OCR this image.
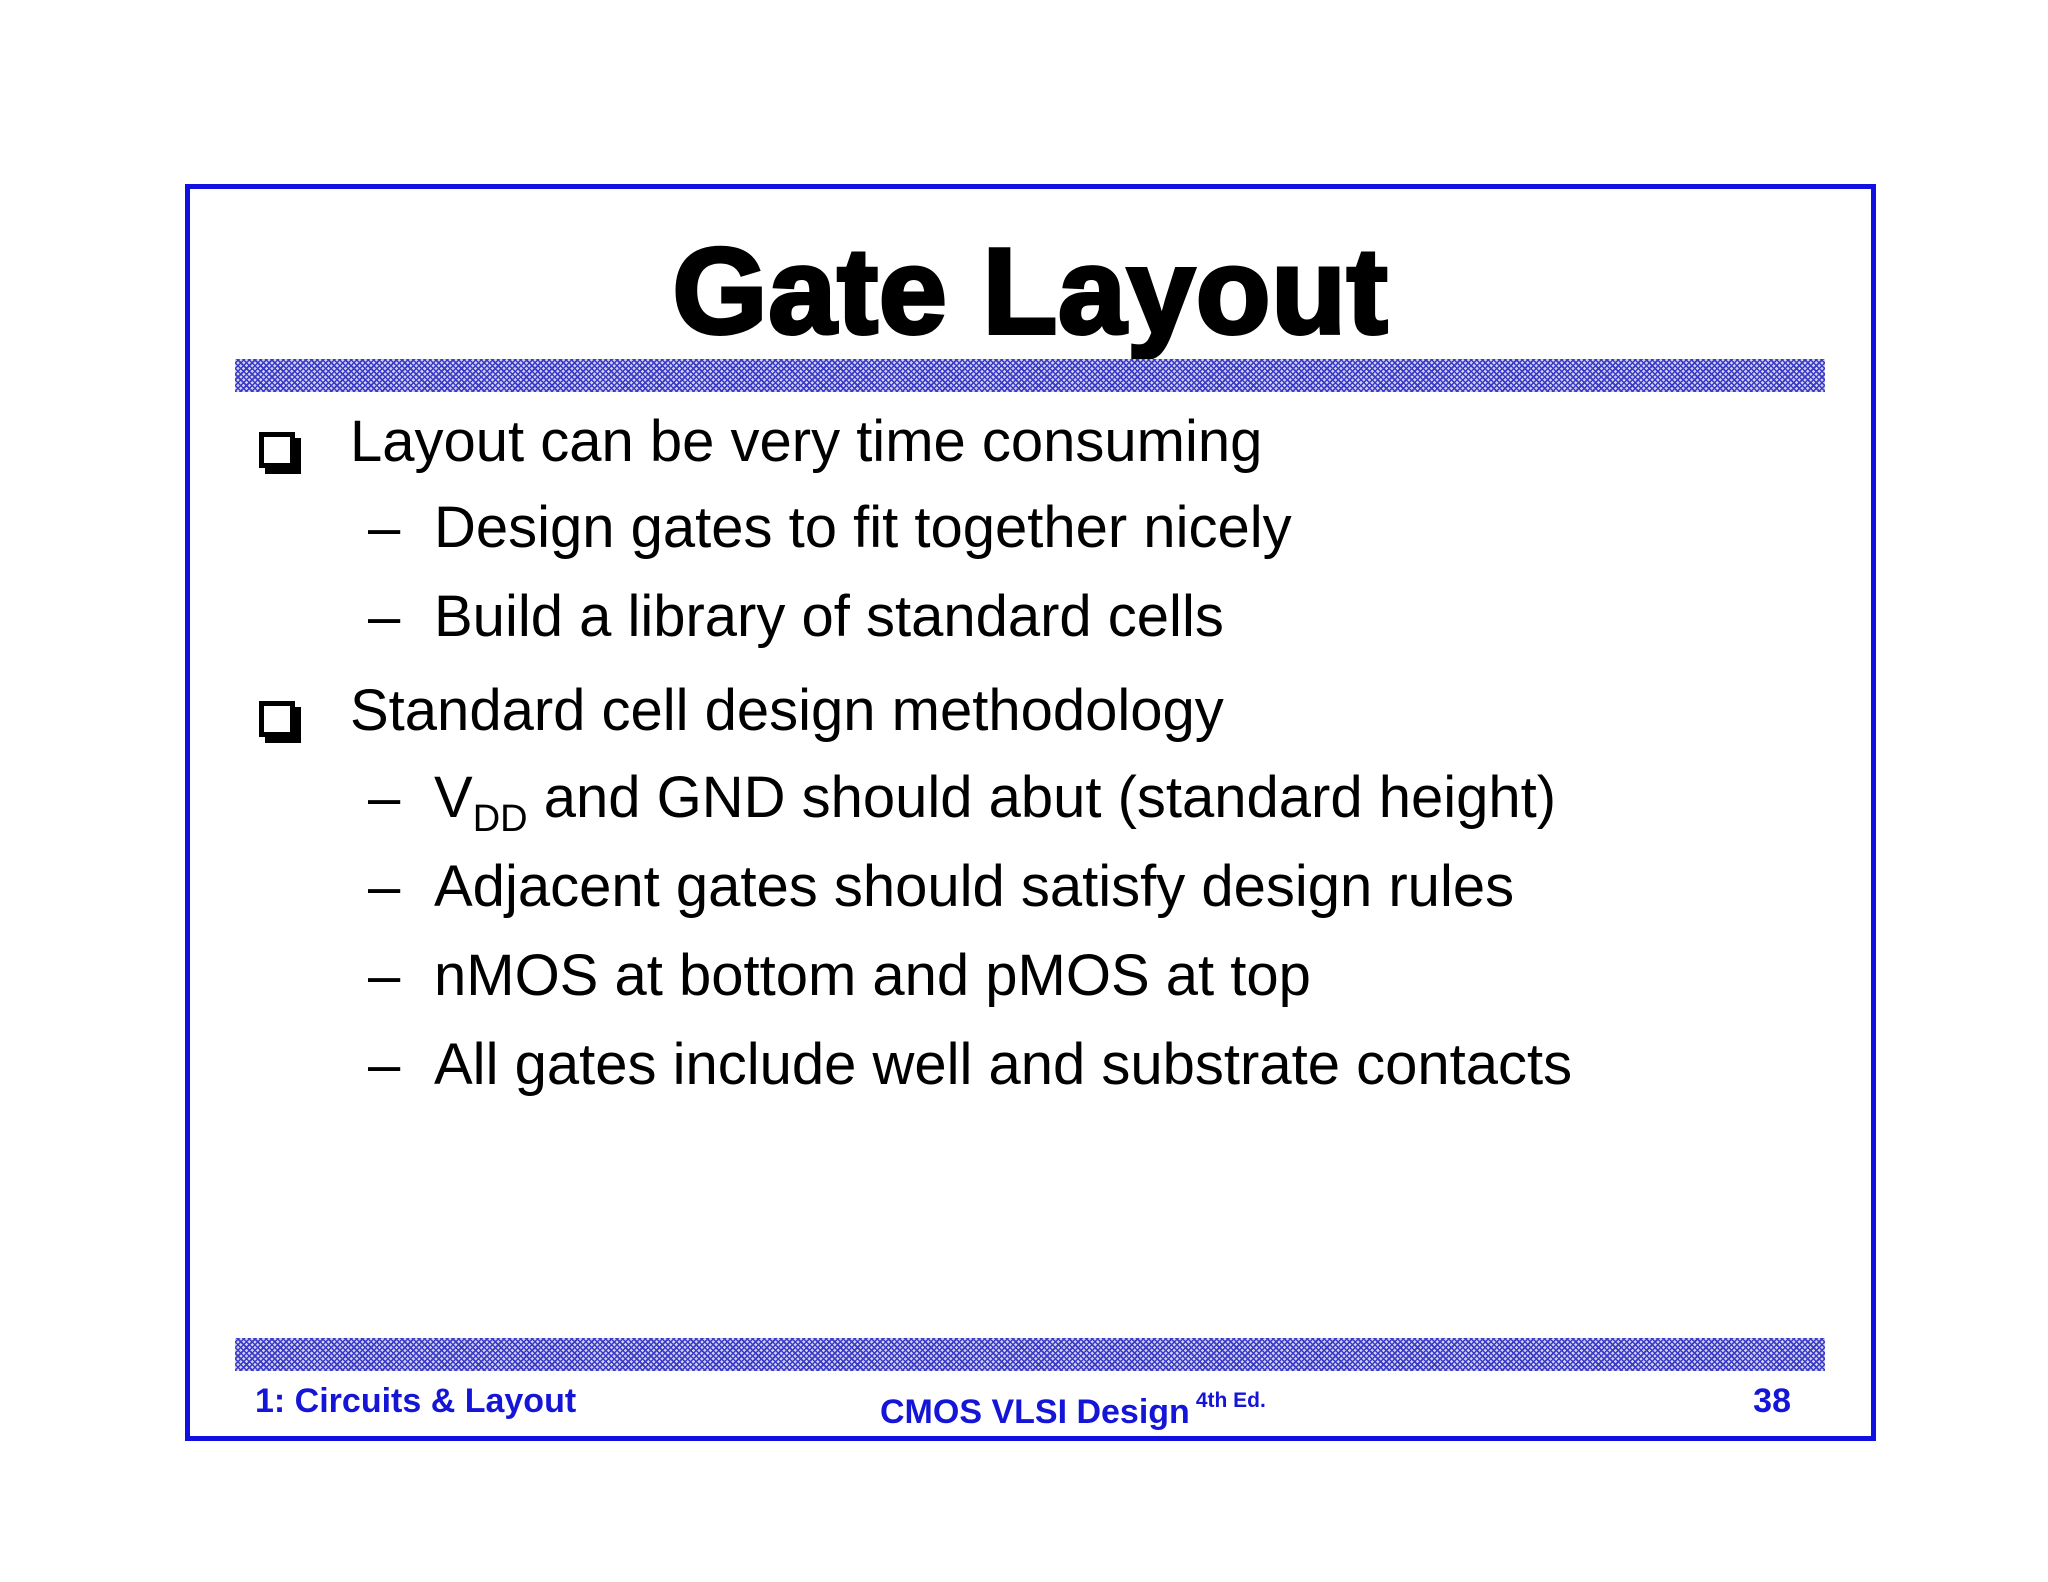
Gate Layout
Layout can be very time consuming
– Design gates to fit together nicely
– Build a library of standard cells
Standard cell design methodology
– $V_{DD}$ and GND should abut (standard height)
– Adjacent gates should satisfy design rules
– nMOS at bottom and pMOS at top
– All gates include well and substrate contacts
1: Circuits & Layout	CMOS VLSI Design $^{4th Ed.}$	38
